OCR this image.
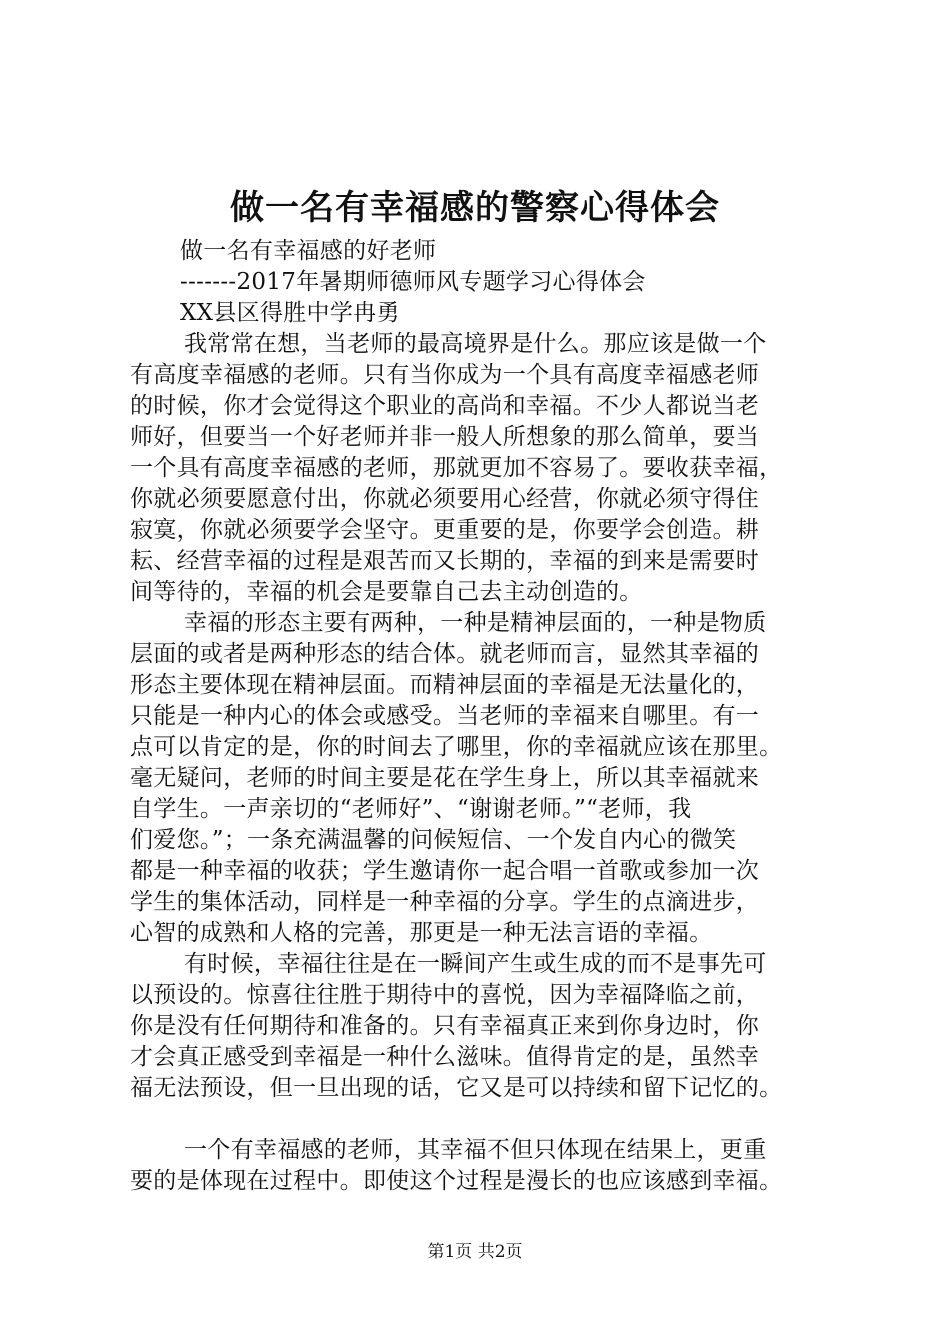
做一名有幸福感的警察心得体会
做一名有幸福感的好老师
-------2017年暑期师德师风专题学习心得体会
XX县区得胜中学冉勇
我常常在想，当老师的最高境界是什么。那应该是做一个
有高度幸福感的老师。只有当你成为一个具有高度幸福感老师
的时候，你才会觉得这个职业的高尚和幸福。不少人都说当老
师好，但要当一个好老师并非一般人所想象的那么简单，要当
一个具有高度幸福感的老师，那就更加不容易了。要收获幸福，
你就必须要愿意付出，你就必须要用心经营，你就必须守得住
寂寞，你就必须要学会坚守。更重要的是，你要学会创造。耕
耘、经营幸福的过程是艰苦而又长期的，幸福的到来是需要时
间等待的，幸福的机会是要靠自己去主动创造的。
幸福的形态主要有两种，一种是精神层面的，一种是物质
层面的或者是两种形态的结合体。就老师而言，显然其幸福的
形态主要体现在精神层面。而精神层面的幸福是无法量化的，
只能是一种内心的体会或感受。当老师的幸福来自哪里。有一
点可以肯定的是，你的时间去了哪里，你的幸福就应该在那里。
毫无疑问，老师的时间主要是花在学生身上，所以其幸福就来
自学生。一声亲切的“老师好”、“谢谢老师。”“老师，我
们爱您。”；一条充满温馨的问候短信、一个发自内心的微笑
都是一种幸福的收获；学生邀请你一起合唱一首歌或参加一次
学生的集体活动，同样是一种幸福的分享。学生的点滴进步，
心智的成熟和人格的完善，那更是一种无法言语的幸福。
有时候，幸福往往是在一瞬间产生或生成的而不是事先可
以预设的。惊喜往往胜于期待中的喜悦，因为幸福降临之前，
你是没有任何期待和准备的。只有幸福真正来到你身边时，你
才会真正感受到幸福是一种什么滋味。值得肯定的是，虽然幸
福无法预设，但一旦出现的话，它又是可以持续和留下记忆的。
一个有幸福感的老师，其幸福不但只体现在结果上，更重
要的是体现在过程中。即使这个过程是漫长的也应该感到幸福。
第1页 共2页
